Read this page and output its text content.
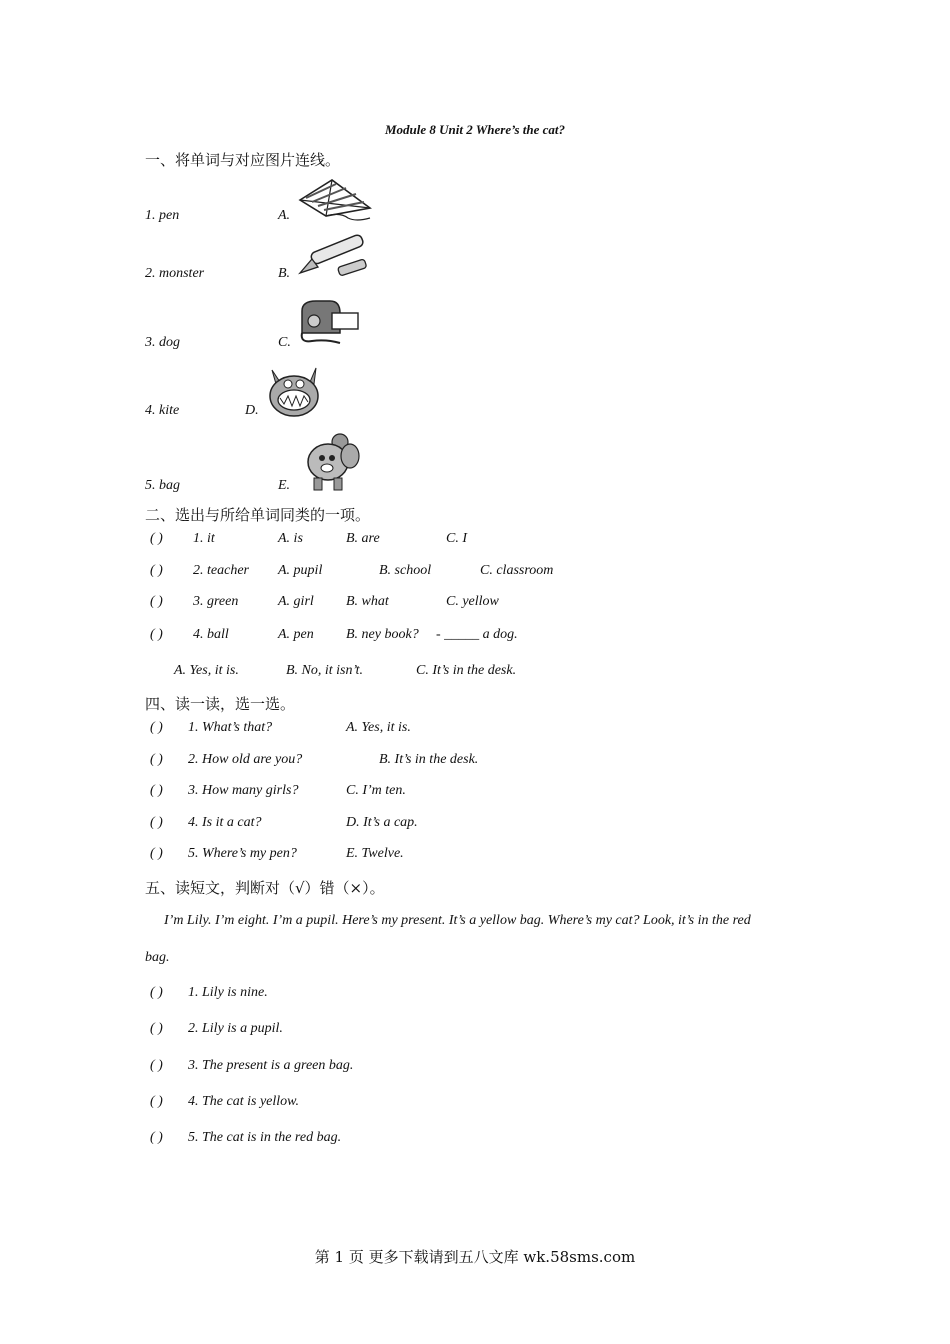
Module 8 Unit 2 Where’s the cat?
一、将单词与对应图片连线。
1. pen	A.
2. monster	B.
3. dog	C.
4. kite	D.
5. bag	E.
二、选出与所给单词同类的一项。
( ) 1. it	A. is	B. are	C. I
( ) 2. teacher A. pupil	B. school	C. classroom
( ) 3. green	A. girl B. what	C. yellow
( ) 4. ball	A. pen B. ney book? - _____ a dog.
A. Yes, it is.	B. No, it isn’t.	C. It’s in the desk.
四、读一读，选一选。
( ) 1. What’s that?	A. Yes, it is.
( ) 2. How old are you?	B. It’s in the desk.
( ) 3. How many girls?	C. I’m ten.
( ) 4. Is it a cat?	D. It’s a cap.
( ) 5. Where’s my pen?	E. Twelve.
五、读短文，判断对（√）错（×）。
I’m Lily. I’m eight. I’m a pupil. Here’s my present. It’s a yellow bag. Where’s my cat? Look, it’s in the red
bag.
( ) 1. Lily is nine.
( ) 2. Lily is a pupil.
( ) 3. The present is a green bag.
( ) 4. The cat is yellow.
( ) 5. The cat is in the red bag.
第 1 页 更多下载请到五八文库 wk.58sms.com
